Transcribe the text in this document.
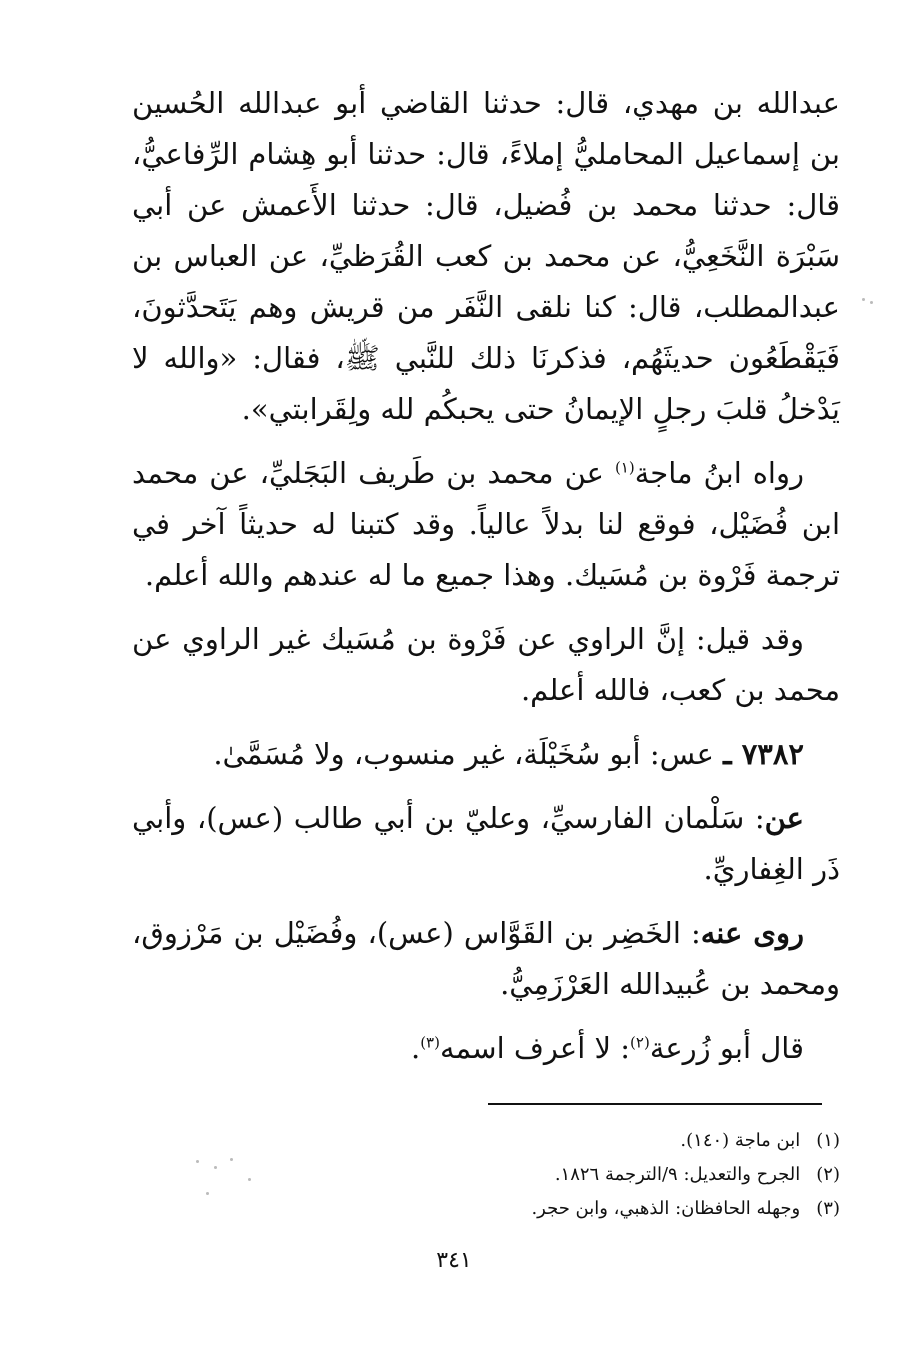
عبدالله بن مهدي، قال: حدثنا القاضي أبو عبدالله الحُسين بن إسماعيل المحامليُّ إملاءً، قال: حدثنا أبو هِشام الرِّفاعيُّ، قال: حدثنا محمد بن فُضيل، قال: حدثنا الأَعمش عن أبي سَبْرَة النَّخَعِيُّ، عن محمد بن كعب القُرَظيِّ، عن العباس بن عبدالمطلب، قال: كنا نلقى النَّفَر من قريش وهم يَتَحدَّثونَ، فَيَقْطَعُون حديثَهُم، فذكرنَا ذلك للنَّبي ﷺ، فقال: «والله لا يَدْخلُ قلبَ رجلٍ الإيمانُ حتى يحبكُم لله ولِقَرابتي».

رواه ابنُ ماجة$^{(١)}$ عن محمد بن طَريف البَجَليِّ، عن محمد ابن فُضَيْل، فوقع لنا بدلاً عالياً. وقد كتبنا له حديثاً آخر في ترجمة فَرْوة بن مُسَيك. وهذا جميع ما له عندهم والله أعلم.

وقد قيل: إنَّ الراوي عن فَرْوة بن مُسَيك غير الراوي عن محمد بن كعب، فالله أعلم.

٧٣٨٢ ـ عس: أبو سُخَيْلَة، غير منسوب، ولا مُسَمَّىٰ.

عن: سَلْمان الفارسيِّ، وعليّ بن أبي طالب (عس)، وأبي ذَر الغِفاريِّ.

روى عنه: الخَضِر بن القَوَّاس (عس)، وفُضَيْل بن مَرْزوق، ومحمد بن عُبيدالله العَرْزَمِيُّ.

قال أبو زُرعة$^{(٢)}$: لا أعرف اسمه$^{(٣)}$.

(١) ابن ماجة (١٤٠).
(٢) الجرح والتعديل: ٩/الترجمة ١٨٢٦.
(٣) وجهله الحافظان: الذهبي، وابن حجر.
٣٤١
